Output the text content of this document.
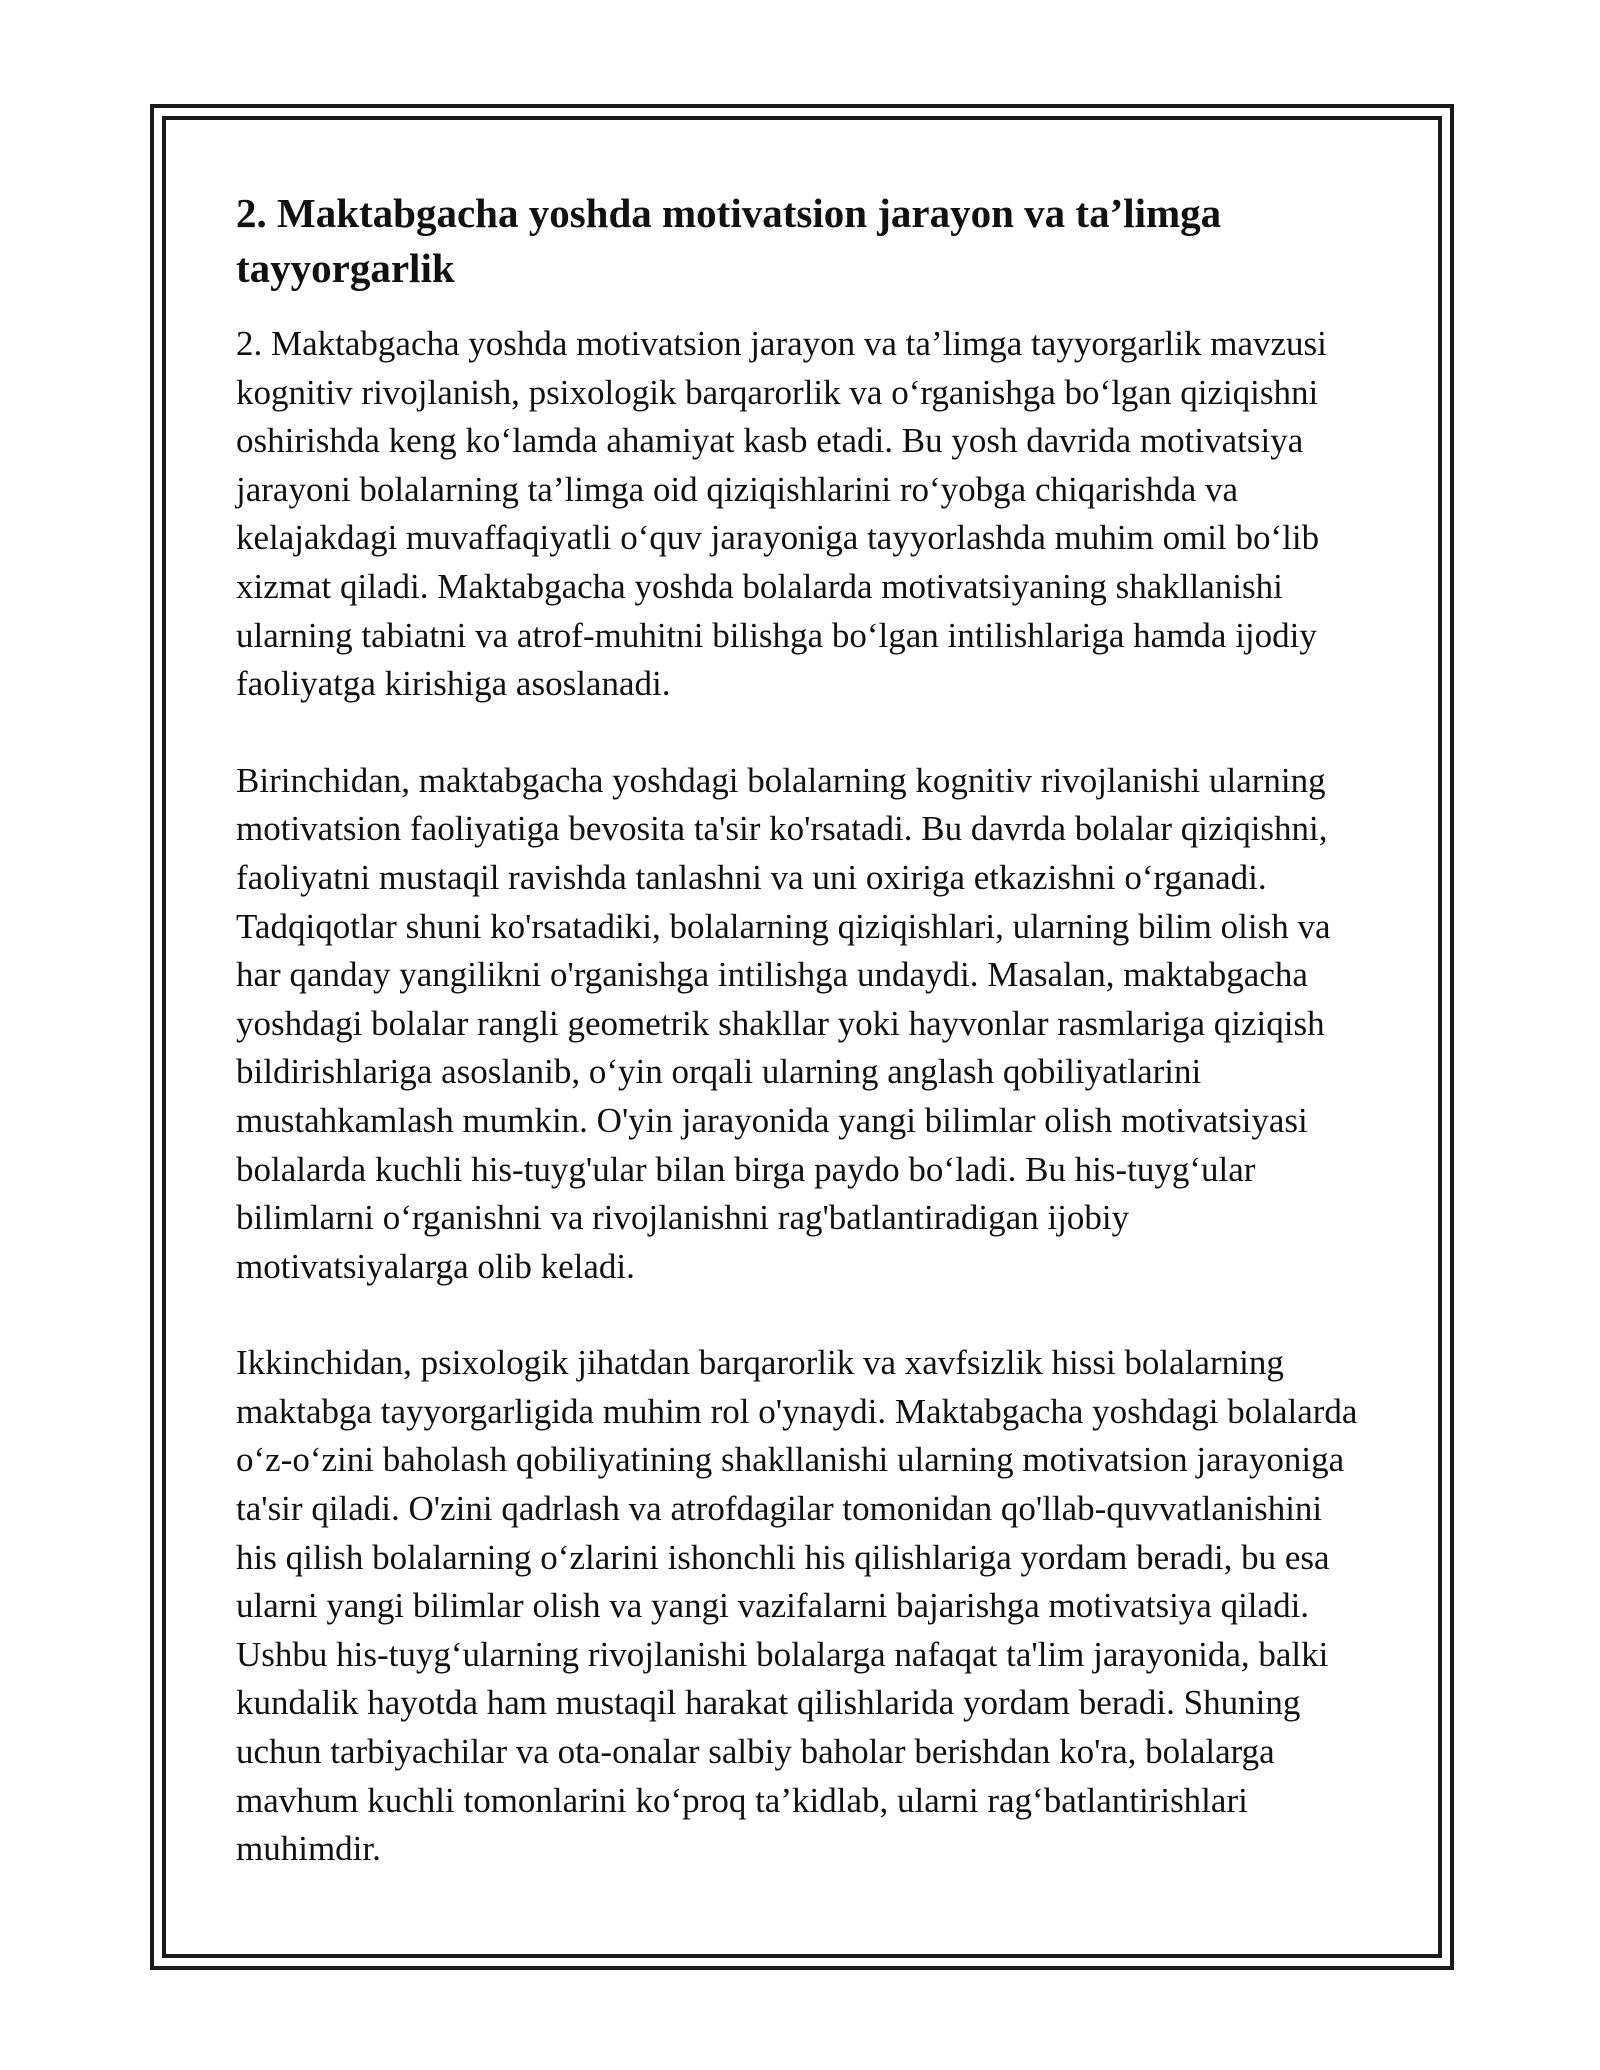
2. Maktabgacha yoshda motivatsion jarayon va ta’limga tayyorgarlik

2. Maktabgacha yoshda motivatsion jarayon va ta’limga tayyorgarlik mavzusi kognitiv rivojlanish, psixologik barqarorlik va o‘rganishga bo‘lgan qiziqishni oshirishda keng ko‘lamda ahamiyat kasb etadi. Bu yosh davrida motivatsiya jarayoni bolalarning ta’limga oid qiziqishlarini ro‘yobga chiqarishda va kelajakdagi muvaffaqiyatli o‘quv jarayoniga tayyorlashda muhim omil bo‘lib xizmat qiladi. Maktabgacha yoshda bolalarda motivatsiyaning shakllanishi ularning tabiatni va atrof-muhitni bilishga bo‘lgan intilishlariga hamda ijodiy faoliyatga kirishiga asoslanadi.

Birinchidan, maktabgacha yoshdagi bolalarning kognitiv rivojlanishi ularning motivatsion faoliyatiga bevosita ta'sir ko'rsatadi. Bu davrda bolalar qiziqishni, faoliyatni mustaqil ravishda tanlashni va uni oxiriga etkazishni o‘rganadi. Tadqiqotlar shuni ko'rsatadiki, bolalarning qiziqishlari, ularning bilim olish va har qanday yangilikni o'rganishga intilishga undaydi. Masalan, maktabgacha yoshdagi bolalar rangli geometrik shakllar yoki hayvonlar rasmlariga qiziqish bildirishlariga asoslanib, o‘yin orqali ularning anglash qobiliyatlarini mustahkamlash mumkin. O'yin jarayonida yangi bilimlar olish motivatsiyasi bolalarda kuchli his-tuyg'ular bilan birga paydo bo‘ladi. Bu his-tuyg‘ular bilimlarni o‘rganishni va rivojlanishni rag'batlantiradigan ijobiy motivatsiyalarga olib keladi.

Ikkinchidan, psixologik jihatdan barqarorlik va xavfsizlik hissi bolalarning maktabga tayyorgarligida muhim rol o'ynaydi. Maktabgacha yoshdagi bolalarda o‘z-o‘zini baholash qobiliyatining shakllanishi ularning motivatsion jarayoniga ta'sir qiladi. O'zini qadrlash va atrofdagilar tomonidan qo'llab-quvvatlanishini his qilish bolalarning o‘zlarini ishonchli his qilishlariga yordam beradi, bu esa ularni yangi bilimlar olish va yangi vazifalarni bajarishga motivatsiya qiladi. Ushbu his-tuyg‘ularning rivojlanishi bolalarga nafaqat ta'lim jarayonida, balki kundalik hayotda ham mustaqil harakat qilishlarida yordam beradi. Shuning uchun tarbiyachilar va ota-onalar salbiy baholar berishdan ko'ra, bolalarga mavhum kuchli tomonlarini ko‘proq ta’kidlab, ularni rag‘batlantirishlari muhimdir.
